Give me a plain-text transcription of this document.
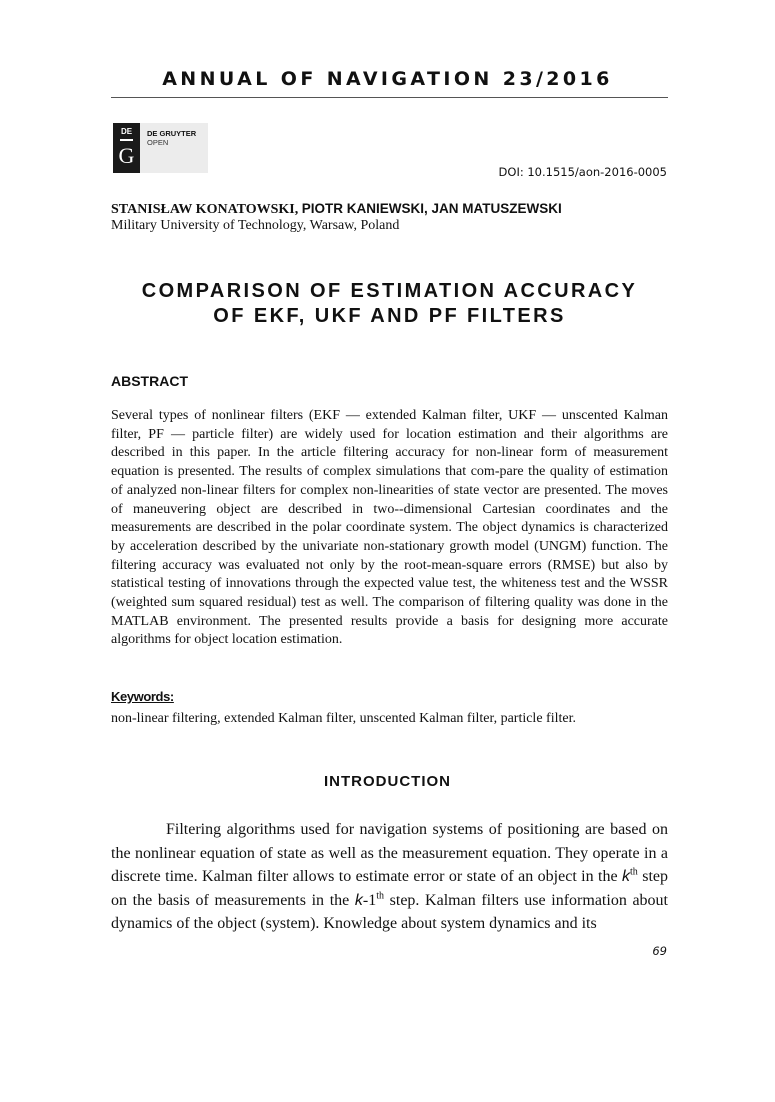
ANNUAL OF NAVIGATION 23/2016
DE
G
DE GRUYTER
OPEN
DOI: 10.1515/aon-2016-0005
STANISŁAW KONATOWSKI, PIOTR KANIEWSKI, JAN MATUSZEWSKI
Military University of Technology, Warsaw, Poland
COMPARISON OF ESTIMATION ACCURACY
OF EKF, UKF AND PF FILTERS
ABSTRACT
Several types of nonlinear filters (EKF — extended Kalman filter, UKF — unscented Kalman filter, PF — particle filter) are widely used for location estimation and their algorithms are described in this paper. In the article filtering accuracy for non-linear form of measurement equation is presented. The results of complex simulations that com-pare the quality of estimation of analyzed non-linear filters for complex non-linearities of state vector are presented. The moves of maneuvering object are described in two--dimensional Cartesian coordinates and the measurements are described in the polar coordinate system. The object dynamics is characterized by acceleration described by the univariate non-stationary growth model (UNGM) function. The filtering accuracy was evaluated not only by the root-mean-square errors (RMSE) but also by statistical testing of innovations through the expected value test, the whiteness test and the WSSR (weighted sum squared residual) test as well. The comparison of filtering quality was done in the MATLAB environment. The presented results provide a basis for designing more accurate algorithms for object location estimation.
Keywords:
non-linear filtering, extended Kalman filter, unscented Kalman filter, particle filter.
INTRODUCTION
Filtering algorithms used for navigation systems of positioning are based on the nonlinear equation of state as well as the measurement equation. They operate in a discrete time. Kalman filter allows to estimate error or state of an object in the $k^{th}$ step on the basis of measurements in the k-1th step. Kalman filters use information about dynamics of the object (system). Knowledge about system dynamics and its
69
